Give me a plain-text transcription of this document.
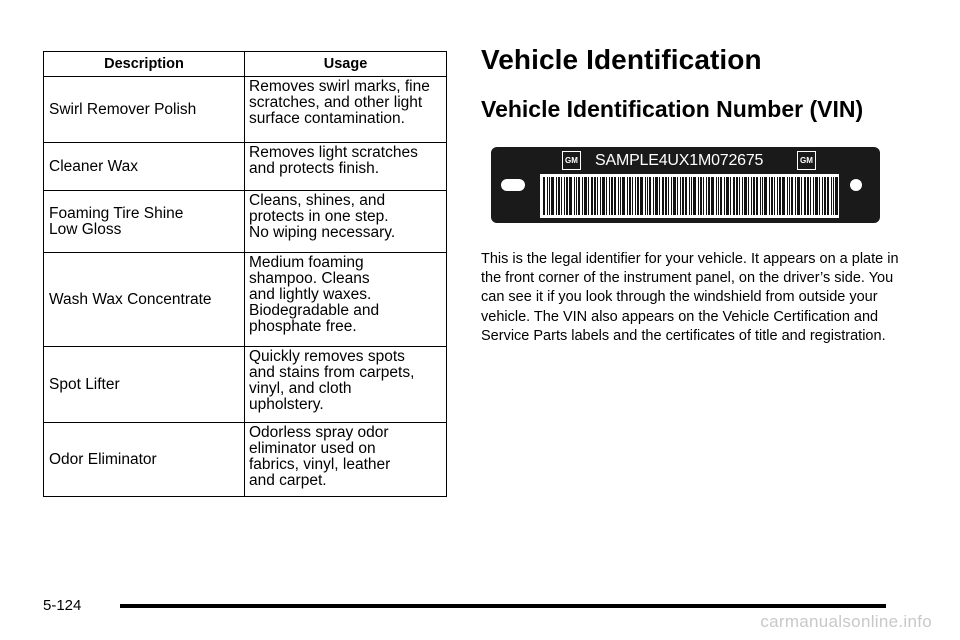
Description	Usage

Swirl Remover Polish	Removes swirl marks, fine
scratches, and other light
surface contamination.

Cleaner Wax	Removes light scratches
and protects finish.

Foaming Tire Shine
Low Gloss	Cleans, shines, and
protects in one step.
No wiping necessary.

Wash Wax Concentrate	Medium foaming
shampoo. Cleans
and lightly waxes.
Biodegradable and
phosphate free.

Spot Lifter	Quickly removes spots
and stains from carpets,
vinyl, and cloth
upholstery.

Odor Eliminator	Odorless spray odor
eliminator used on
fabrics, vinyl, leather
and carpet.
Vehicle Identification
Vehicle Identification Number (VIN)
GM SAMPLE4UX1M072675	GM

This is the legal identifier for your vehicle. It appears on a plate in the front corner of the instrument panel, on the driver’s side. You can see it if you look through the windshield from outside your vehicle. The VIN also appears on the Vehicle Certification and Service Parts labels and the certificates of title and registration.

5-124
carmanualsonline.info
